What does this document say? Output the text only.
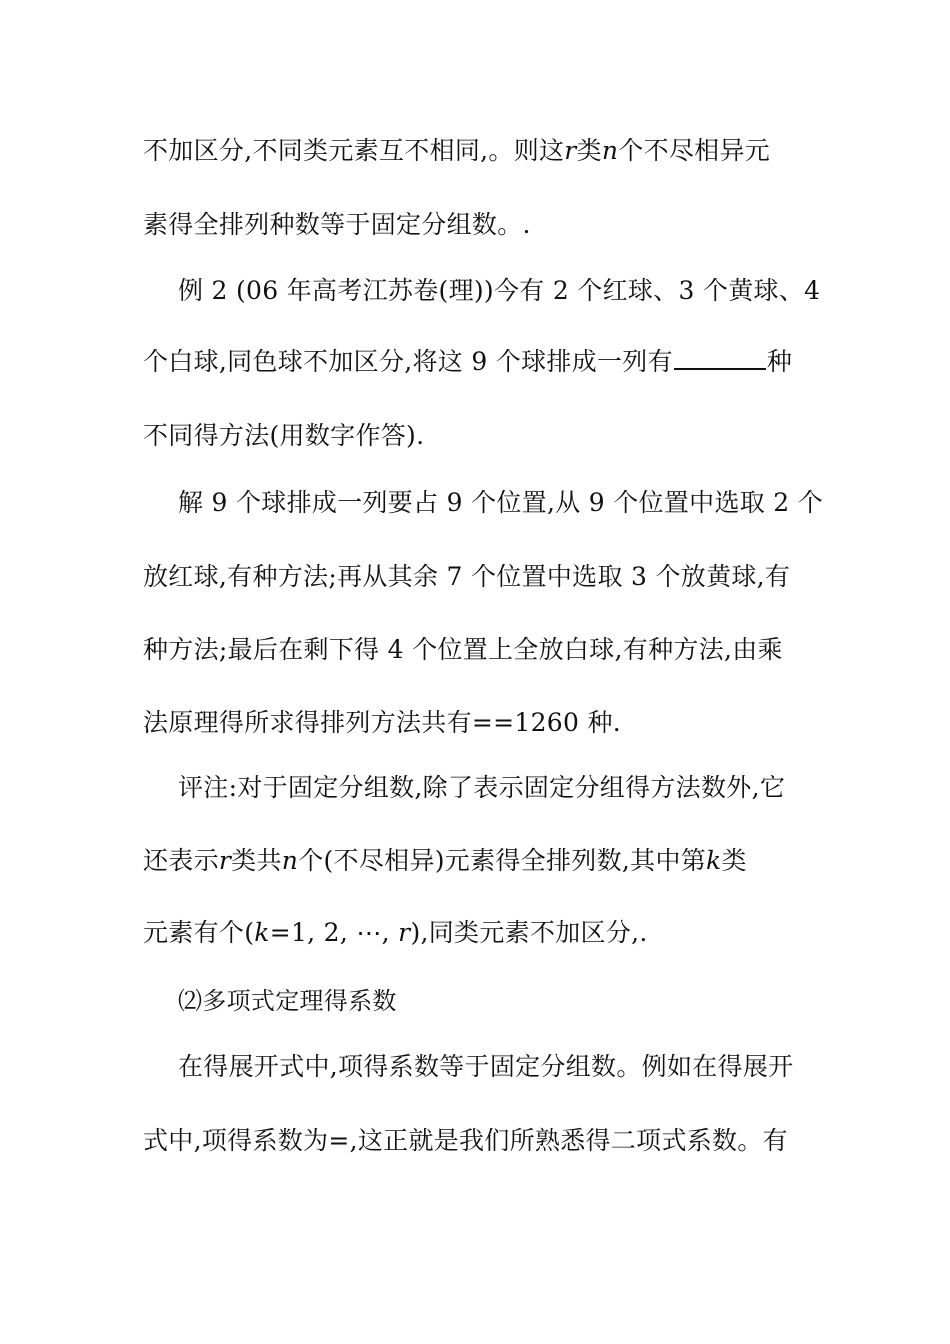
不加区分,不同类元素互不相同,。则这r类n个不尽相异元
素得全排列种数等于固定分组数。.
例 2 (06 年高考江苏卷(理))今有 2 个红球、3 个黄球、4
个白球,同色球不加区分,将这 9 个球排成一列有	种
不同得方法(用数字作答).
解 9 个球排成一列要占 9 个位置,从 9 个位置中选取 2 个
放红球,有种方法;再从其余 7 个位置中选取 3 个放黄球,有
种方法;最后在剩下得 4 个位置上全放白球,有种方法,由乘
法原理得所求得排列方法共有==1260 种.
评注:对于固定分组数,除了表示固定分组得方法数外,它
还表示r类共n个(不尽相异)元素得全排列数,其中第k类
元素有个(k=1, 2, ⋯, r),同类元素不加区分,.
⑵多项式定理得系数
在得展开式中,项得系数等于固定分组数。例如在得展开
式中,项得系数为=,这正就是我们所熟悉得二项式系数。有
